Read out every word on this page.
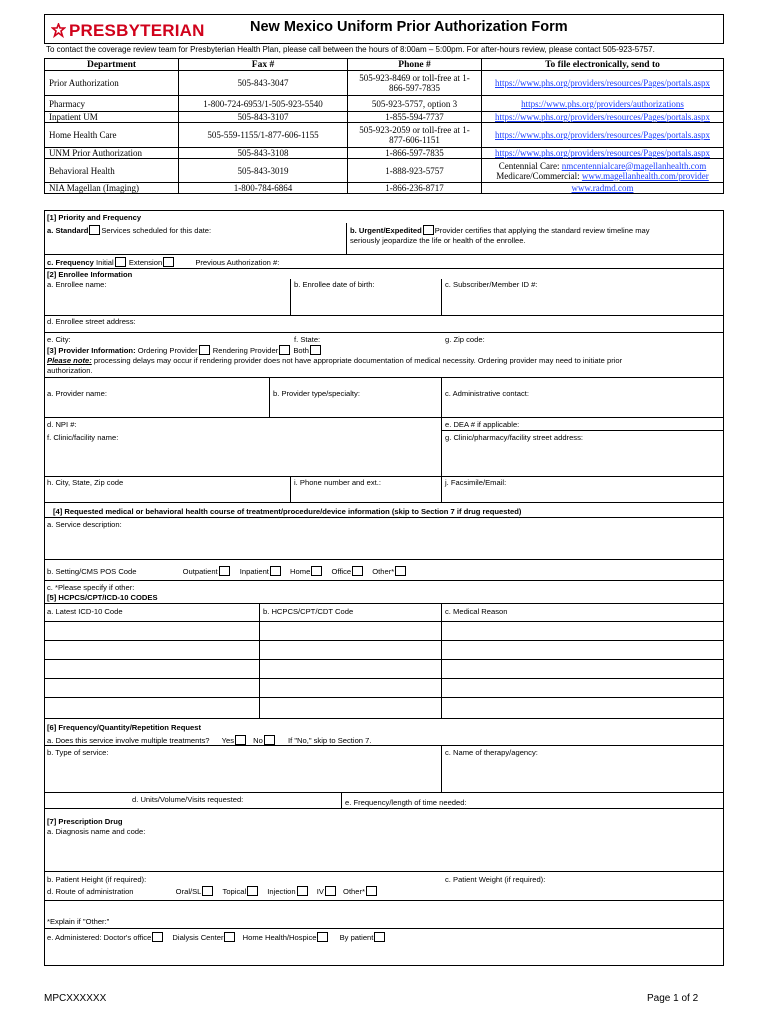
PRESBYTERIAN	New Mexico Uniform Prior Authorization Form
To contact the coverage review team for Presbyterian Health Plan, please call between the hours of 8:00am – 5:00pm. For after-hours review, please contact 505-923-5757.
Department	Fax #	Phone #	To file electronically, send to
Prior Authorization	505-843-3047	505-923-8469 or toll-free at 1-866-597-7835	https://www.phs.org/providers/resources/Pages/portals.aspx
Pharmacy	1-800-724-6953/1-505-923-5540	505-923-5757, option 3	https://www.phs.org/providers/authorizations
Inpatient UM	505-843-3107	1-855-594-7737	https://www.phs.org/providers/resources/Pages/portals.aspx
Home Health Care	505-559-1155/1-877-606-1155	505-923-2059 or toll-free at 1-877-606-1151	https://www.phs.org/providers/resources/Pages/portals.aspx
UNM Prior Authorization	505-843-3108	1-866-597-7835	https://www.phs.org/providers/resources/Pages/portals.aspx
Behavioral Health	505-843-3019	1-888-923-5757	Centennial Care: nmcentennialcare@magellanhealth.com
Medicare/Commercial: www.magellanhealth.com/provider

NIA Magellan (Imaging)	1-800-784-6864	1-866-236-8717	www.radmd.com
[1] Priority and Frequency
a. Standard Services scheduled for this date:	b. Urgent/Expedited Provider certifies that applying the standard review timeline may
seriously jeopardize the life or health of the enrollee.
c. Frequency Initial Extension	Previous Authorization #:
[2] Enrollee Information
a. Enrollee name:	b. Enrollee date of birth:	c. Subscriber/Member ID #:
d. Enrollee street address:
e. City:	f. State:	g. Zip code:
[3] Provider Information: Ordering Provider Rendering Provider Both
Please note: processing delays may occur if rendering provider does not have appropriate documentation of medical necessity. Ordering provider may need to initiate prior
authorization.
a. Provider name:	b. Provider type/specialty:	c. Administrative contact:
d. NPI #:	e. DEA # if applicable:
f. Clinic/facility name:	g. Clinic/pharmacy/facility street address:
h. City, State, Zip code	i. Phone number and ext.:	j. Facsimile/Email:
[4] Requested medical or behavioral health course of treatment/procedure/device information (skip to Section 7 if drug requested)
a. Service description:
b. Setting/CMS POS Code	Outpatient	Inpatient	Home	Office	Other*
c. *Please specify if other:
[5] HCPCS/CPT/ICD-10 CODES
a. Latest ICD-10 Code	b. HCPCS/CPT/CDT Code	c. Medical Reason
[6] Frequency/Quantity/Repetition Request
a. Does this service involve multiple treatments? Yes	No	If "No," skip to Section 7.
b. Type of service:	c. Name of therapy/agency:
d. Units/Volume/Visits requested:	e. Frequency/length of time needed:
[7] Prescription Drug
a. Diagnosis name and code:
b. Patient Height (if required):	c. Patient Weight (if required):
d. Route of administration	Oral/SL	Topical	Injection	IV	Other*
*Explain if "Other:"
e. Administered: Doctor's office	Dialysis Center	Home Health/Hospice	By patient
MPCXXXXXX	Page 1 of 2
